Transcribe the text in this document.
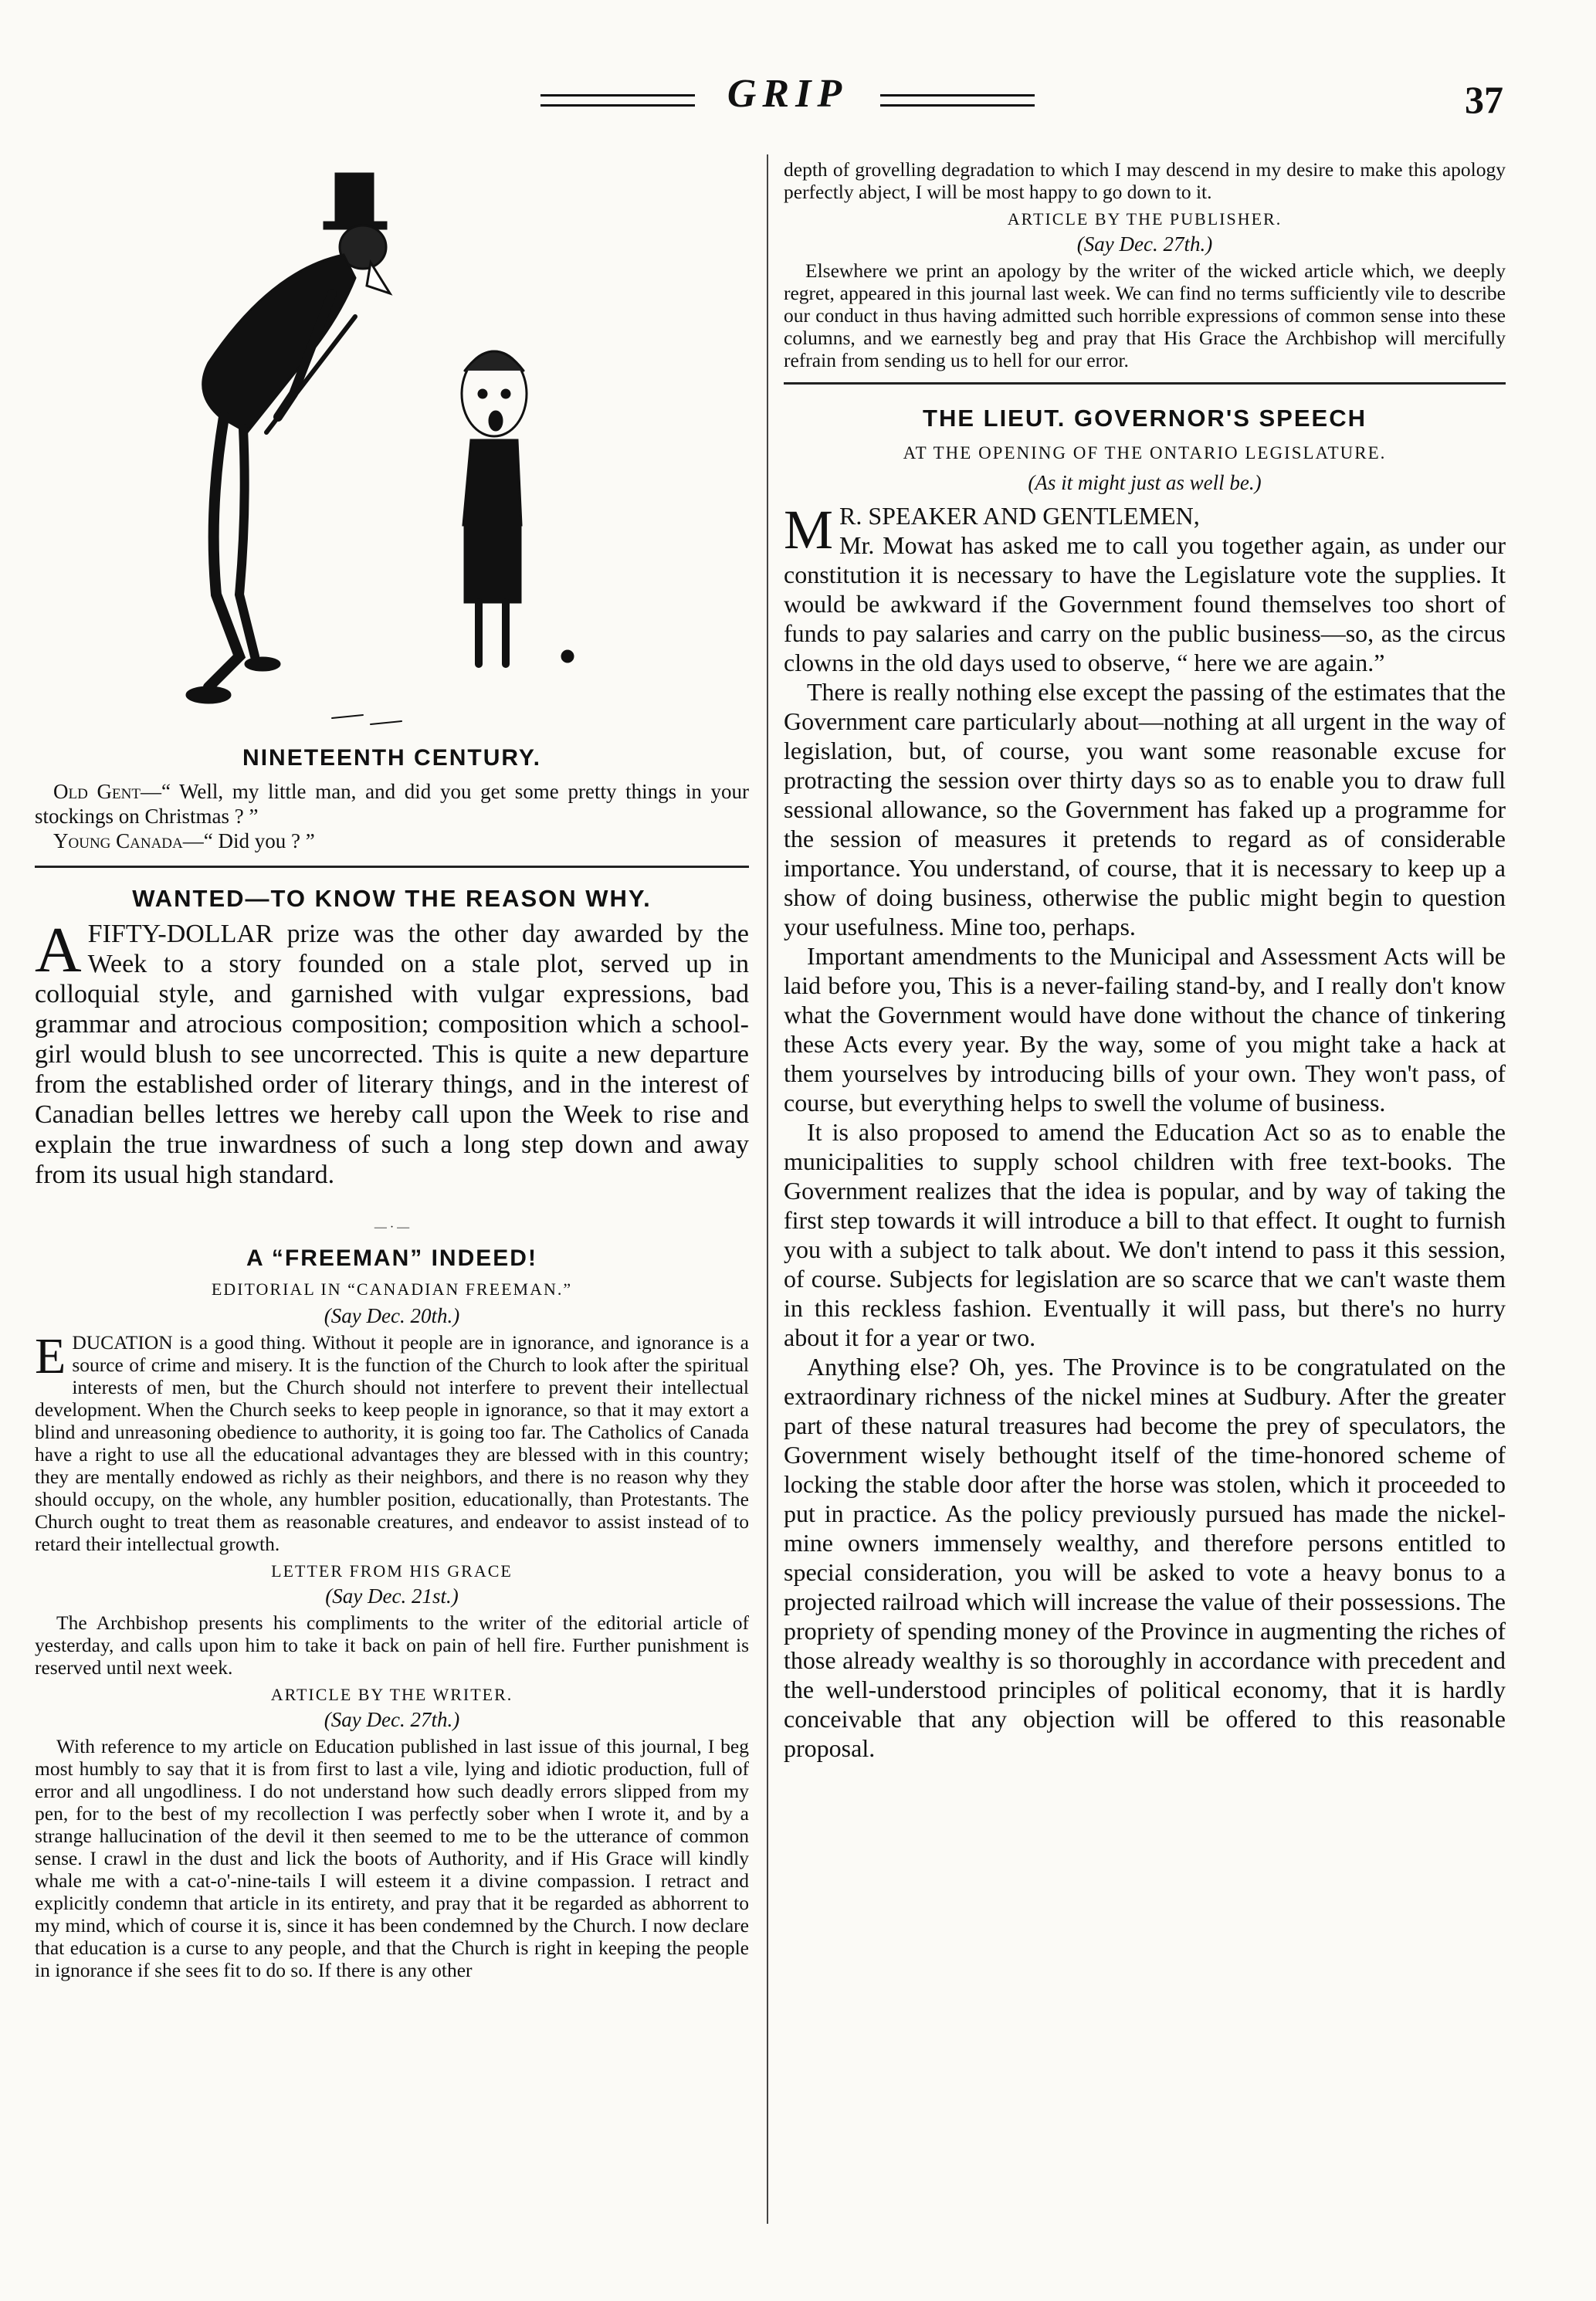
GRIP	37
NINETEENTH CENTURY.

Old Gent—“ Well, my little man, and did you get some pretty things in your stockings on Christmas ? ”

Young Canada—“ Did you ? ”

WANTED—TO KNOW THE REASON WHY.

A FIFTY-DOLLAR prize was the other day awarded by the Week to a story founded on a stale plot, served up in colloquial style, and garnished with vulgar expressions, bad grammar and atrocious composition; composition which a school-girl would blush to see uncorrected. This is quite a new departure from the established order of literary things, and in the interest of Canadian belles lettres we hereby call upon the Week to rise and explain the true inwardness of such a long step down and away from its usual high standard.

— · —
A “FREEMAN” INDEED!

EDITORIAL IN “CANADIAN FREEMAN.”

(Say Dec. 20th.)

EDUCATION is a good thing. Without it people are in ignorance, and ignorance is a source of crime and misery. It is the function of the Church to look after the spiritual interests of men, but the Church should not interfere to prevent their intellectual development. When the Church seeks to keep people in ignorance, so that it may extort a blind and unreasoning obedience to authority, it is going too far. The Catholics of Canada have a right to use all the educational advantages they are blessed with in this country; they are mentally endowed as richly as their neighbors, and there is no reason why they should occupy, on the whole, any humbler position, educationally, than Protestants. The Church ought to treat them as reasonable creatures, and endeavor to assist instead of to retard their intellectual growth.

LETTER FROM HIS GRACE

(Say Dec. 21st.)

The Archbishop presents his compliments to the writer of the editorial article of yesterday, and calls upon him to take it back on pain of hell fire. Further punishment is reserved until next week.

ARTICLE BY THE WRITER.

(Say Dec. 27th.)

With reference to my article on Education published in last issue of this journal, I beg most humbly to say that it is from first to last a vile, lying and idiotic production, full of error and all ungodliness. I do not understand how such deadly errors slipped from my pen, for to the best of my recollection I was perfectly sober when I wrote it, and by a strange hallucination of the devil it then seemed to me to be the utterance of common sense. I crawl in the dust and lick the boots of Authority, and if His Grace will kindly whale me with a cat-o'-nine-tails I will esteem it a divine compassion. I retract and explicitly condemn that article in its entirety, and pray that it be regarded as abhorrent to my mind, which of course it is, since it has been condemned by the Church. I now declare that education is a curse to any people, and that the Church is right in keeping the people in ignorance if she sees fit to do so. If there is any other

depth of grovelling degradation to which I may descend in my desire to make this apology perfectly abject, I will be most happy to go down to it.

ARTICLE BY THE PUBLISHER.

(Say Dec. 27th.)

Elsewhere we print an apology by the writer of the wicked article which, we deeply regret, appeared in this journal last week. We can find no terms sufficiently vile to describe our conduct in thus having admitted such horrible expressions of common sense into these columns, and we earnestly beg and pray that His Grace the Archbishop will mercifully refrain from sending us to hell for our error.

THE LIEUT. GOVERNOR'S SPEECH

AT THE OPENING OF THE ONTARIO LEGISLATURE.

(As it might just as well be.)

M R. SPEAKER AND GENTLEMEN,

Mr. Mowat has asked me to call you together again, as under our constitution it is necessary to have the Legislature vote the supplies. It would be awkward if the Government found themselves too short of funds to pay salaries and carry on the public business—so, as the circus clowns in the old days used to observe, “ here we are again.”

There is really nothing else except the passing of the estimates that the Government care particularly about—nothing at all urgent in the way of legislation, but, of course, you want some reasonable excuse for protracting the session over thirty days so as to enable you to draw full sessional allowance, so the Government has faked up a programme for the session of measures it pretends to regard as of considerable importance. You understand, of course, that it is necessary to keep up a show of doing business, otherwise the public might begin to question your usefulness. Mine too, perhaps.

Important amendments to the Municipal and Assessment Acts will be laid before you, This is a never-failing stand-by, and I really don't know what the Government would have done without the chance of tinkering these Acts every year. By the way, some of you might take a hack at them yourselves by introducing bills of your own. They won't pass, of course, but everything helps to swell the volume of business.

It is also proposed to amend the Education Act so as to enable the municipalities to supply school children with free text-books. The Government realizes that the idea is popular, and by way of taking the first step towards it will introduce a bill to that effect. It ought to furnish you with a subject to talk about. We don't intend to pass it this session, of course. Subjects for legislation are so scarce that we can't waste them in this reckless fashion. Eventually it will pass, but there's no hurry about it for a year or two.

Anything else? Oh, yes. The Province is to be congratulated on the extraordinary richness of the nickel mines at Sudbury. After the greater part of these natural treasures had become the prey of speculators, the Government wisely bethought itself of the time-honored scheme of locking the stable door after the horse was stolen, which it proceeded to put in practice. As the policy previously pursued has made the nickel-mine owners immensely wealthy, and therefore persons entitled to special consideration, you will be asked to vote a heavy bonus to a projected railroad which will increase the value of their possessions. The propriety of spending money of the Province in augmenting the riches of those already wealthy is so thoroughly in accordance with precedent and the well-understood principles of political economy, that it is hardly conceivable that any objection will be offered to this reasonable proposal.
